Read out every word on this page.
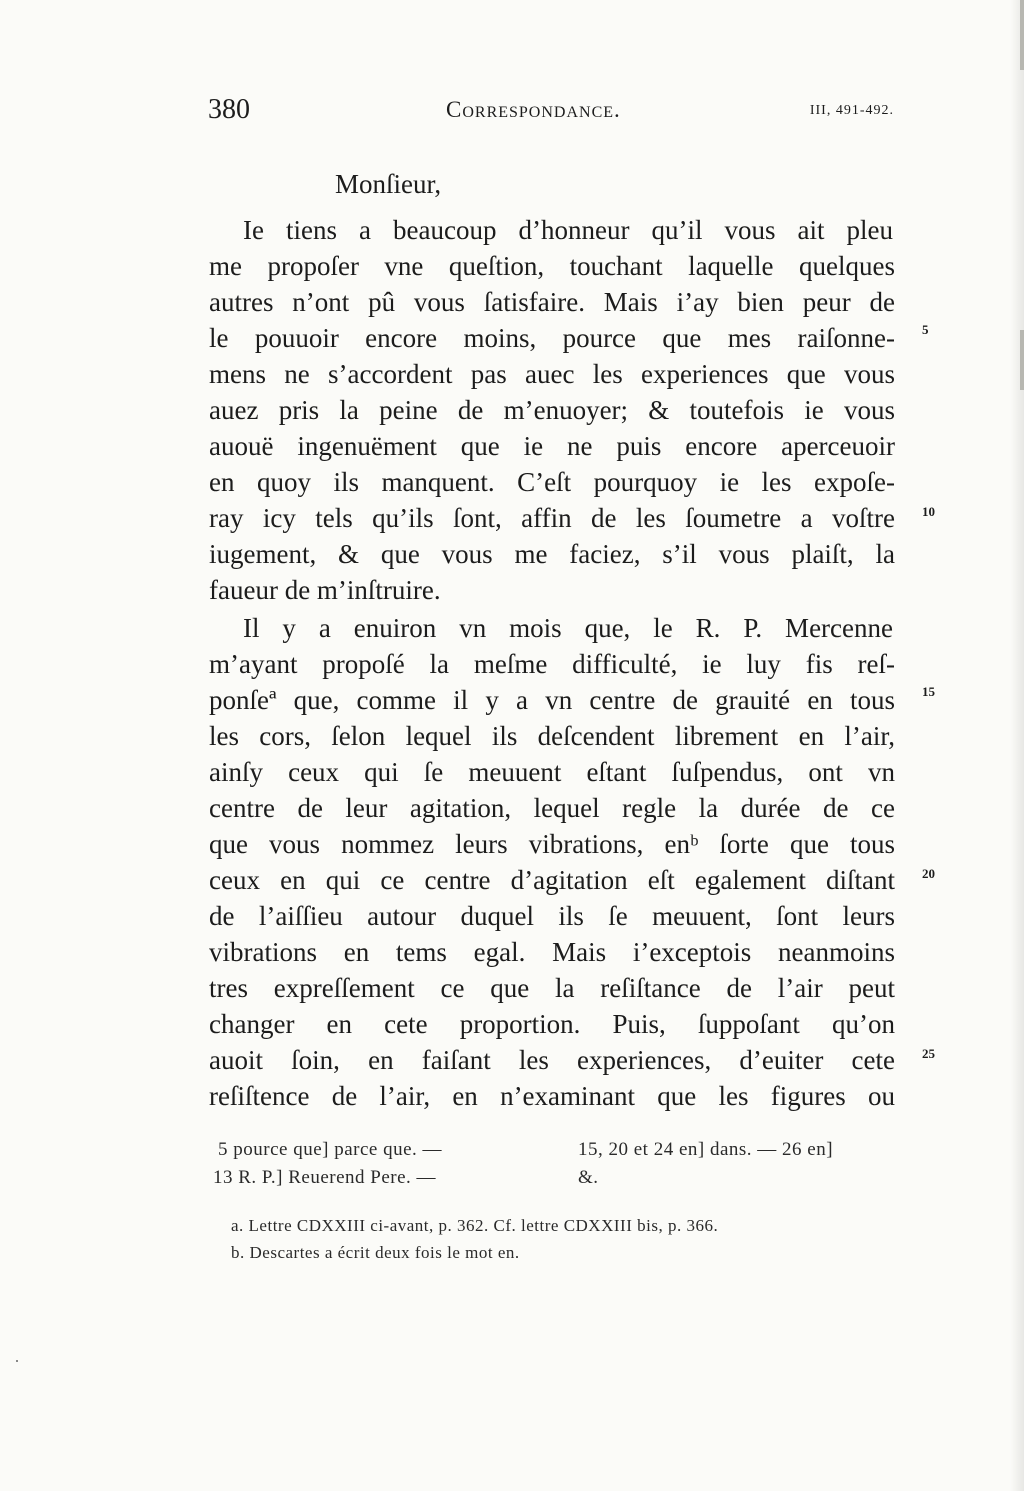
380	Correspondance.	III, 491-492.
Monſieur,
Ie tiens a beaucoup d’honneur qu’il vous ait pleu
me propoſer vne queſtion, touchant laquelle quelques
autres n’ont pû vous ſatisfaire. Mais i’ay bien peur de
le pouuoir encore moins, pource que mes raiſonne-
mens ne s’accordent pas auec les experiences que vous
auez pris la peine de m’enuoyer; & toutefois ie vous
auouë ingenuëment que ie ne puis encore aperceuoir
en quoy ils manquent. C’eſt pourquoy ie les expoſe-
ray icy tels qu’ils ſont, affin de les ſoumetre a voſtre
iugement, & que vous me faciez, s’il vous plaiſt, la
faueur de m’inſtruire.
Il y a enuiron vn mois que, le R. P. Mercenne
m’ayant propoſé la meſme difficulté, ie luy fis reſ-
ponſeª que, comme il y a vn centre de grauité en tous
les cors, ſelon lequel ils deſcendent librement en l’air,
ainſy ceux qui ſe meuuent eſtant ſuſpendus, ont vn
centre de leur agitation, lequel regle la durée de ce
que vous nommez leurs vibrations, enᵇ ſorte que tous
ceux en qui ce centre d’agitation eſt egalement diſtant
de l’aiſſieu autour duquel ils ſe meuuent, ſont leurs
vibrations en tems egal. Mais i’exceptois neanmoins
tres expreſſement ce que la reſiſtance de l’air peut
changer en cete proportion. Puis, ſuppoſant qu’on
auoit ſoin, en faiſant les experiences, d’euiter cete
reſiſtence de l’air, en n’examinant que les figures ou
5
10
15
20
25
5 pource que] parce que. —
13 R. P.] Reuerend Pere. —
15, 20 et 24 en] dans. — 26 en]
&.
a. Lettre CDXXIII ci-avant, p. 362. Cf. lettre CDXXIII bis, p. 366.
b. Descartes a écrit deux fois le mot en.
